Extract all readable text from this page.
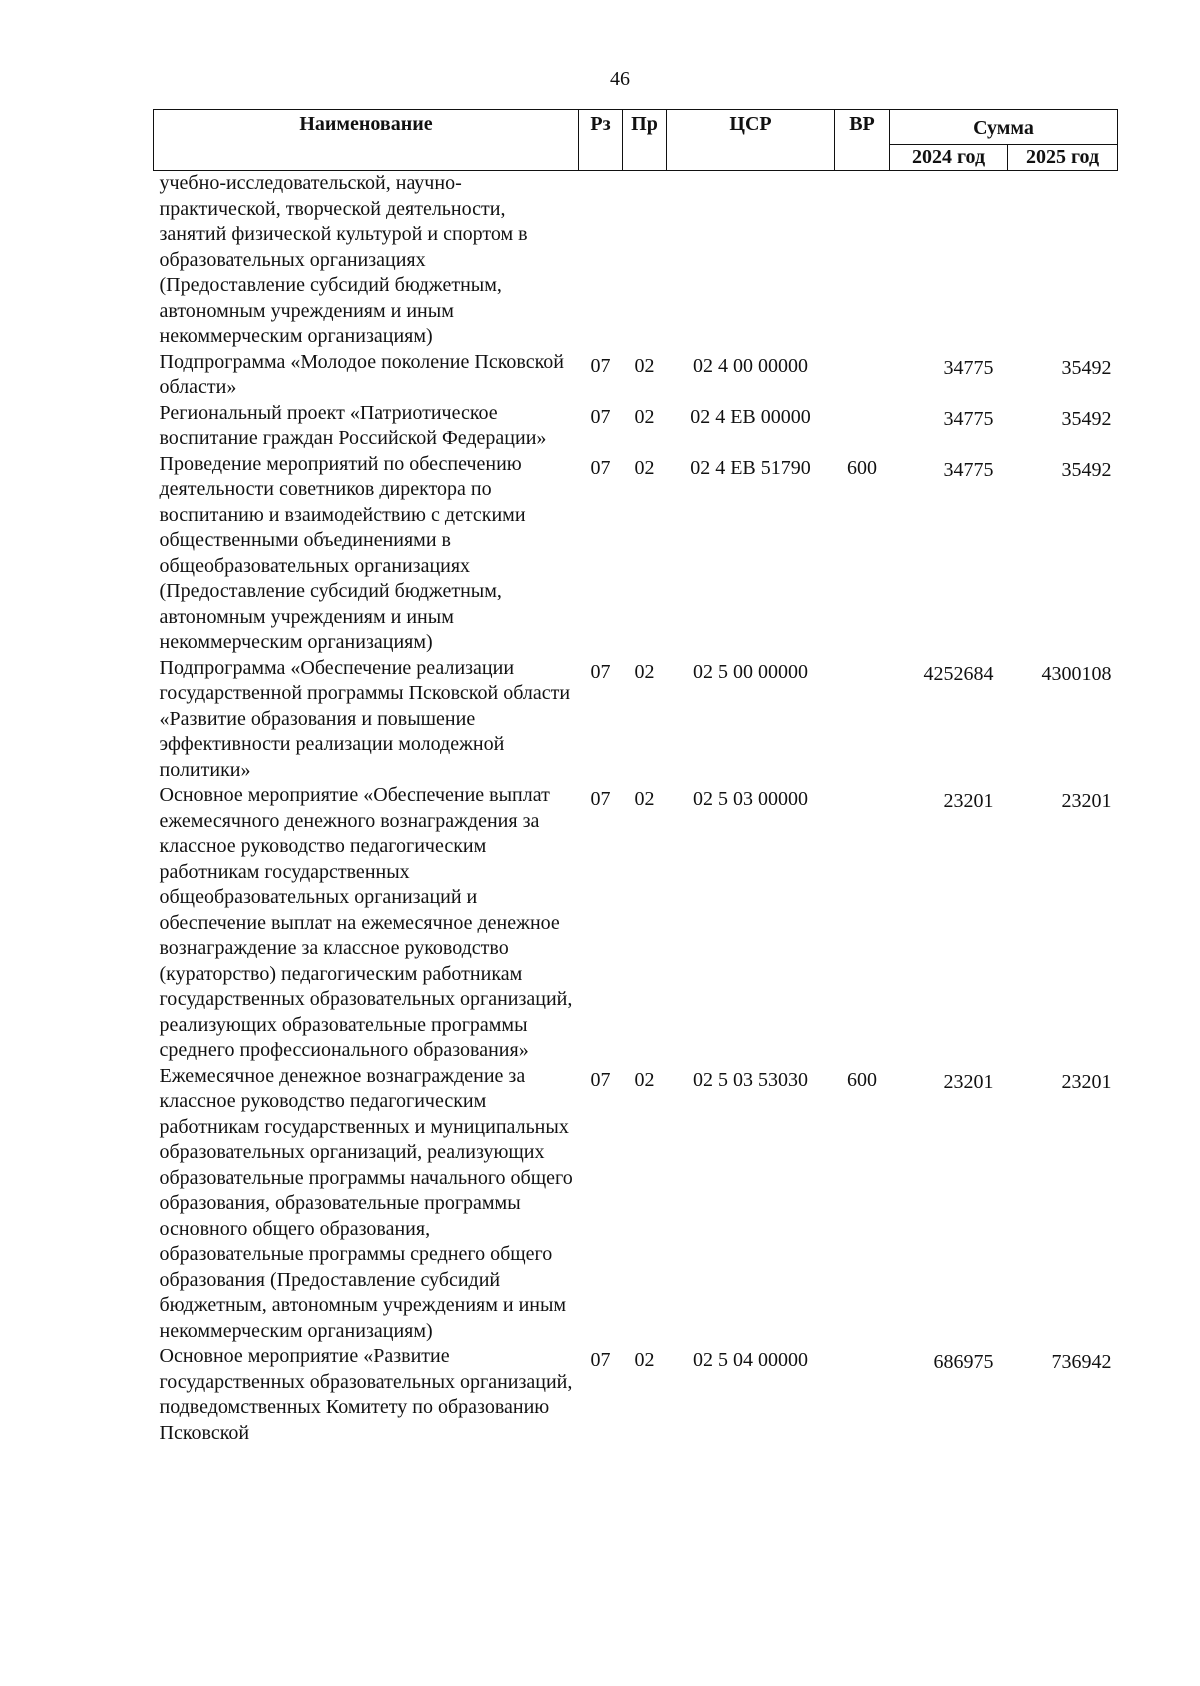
46
Наименование	Рз	Пр	ЦСР	ВР	Сумма	
					2024 год	2025 год
учебно-исследовательской, научно-практической, творческой деятельности, занятий физической культурой и спортом в образовательных организациях (Предоставление субсидий бюджетным, автономным учреждениям и иным некоммерческим организациям)						
Подпрограмма «Молодое поколение Псковской области»	07	02	02 4 00 00000		34775	35492
Региональный проект «Патриотическое воспитание граждан Российской Федерации»	07	02	02 4 ЕВ 00000		34775	35492
Проведение мероприятий по обеспечению деятельности советников директора по воспитанию и взаимодействию с детскими общественными объединениями в общеобразовательных организациях (Предоставление субсидий бюджетным, автономным учреждениям и иным некоммерческим организациям)	07	02	02 4 ЕВ 51790	600	34775	35492
Подпрограмма «Обеспечение реализации государственной программы Псковской области «Развитие образования и повышение эффективности реализации молодежной политики»	07	02	02 5 00 00000		4252684	4300108
Основное мероприятие «Обеспечение выплат ежемесячного денежного вознаграждения за классное руководство педагогическим работникам государственных общеобразовательных организаций и обеспечение выплат на ежемесячное денежное вознаграждение за классное руководство (кураторство) педагогическим работникам государственных образовательных организаций, реализующих образовательные программы среднего профессионального образования»	07	02	02 5 03 00000		23201	23201
Ежемесячное денежное вознаграждение за классное руководство педагогическим работникам государственных и муниципальных образовательных организаций, реализующих образовательные программы начального общего образования, образовательные программы основного общего образования, образовательные программы среднего общего образования (Предоставление субсидий бюджетным, автономным учреждениям и иным некоммерческим организациям)	07	02	02 5 03 53030	600	23201	23201
Основное мероприятие «Развитие государственных образовательных организаций, подведомственных Комитету по образованию Псковской	07	02	02 5 04 00000		686975	736942
